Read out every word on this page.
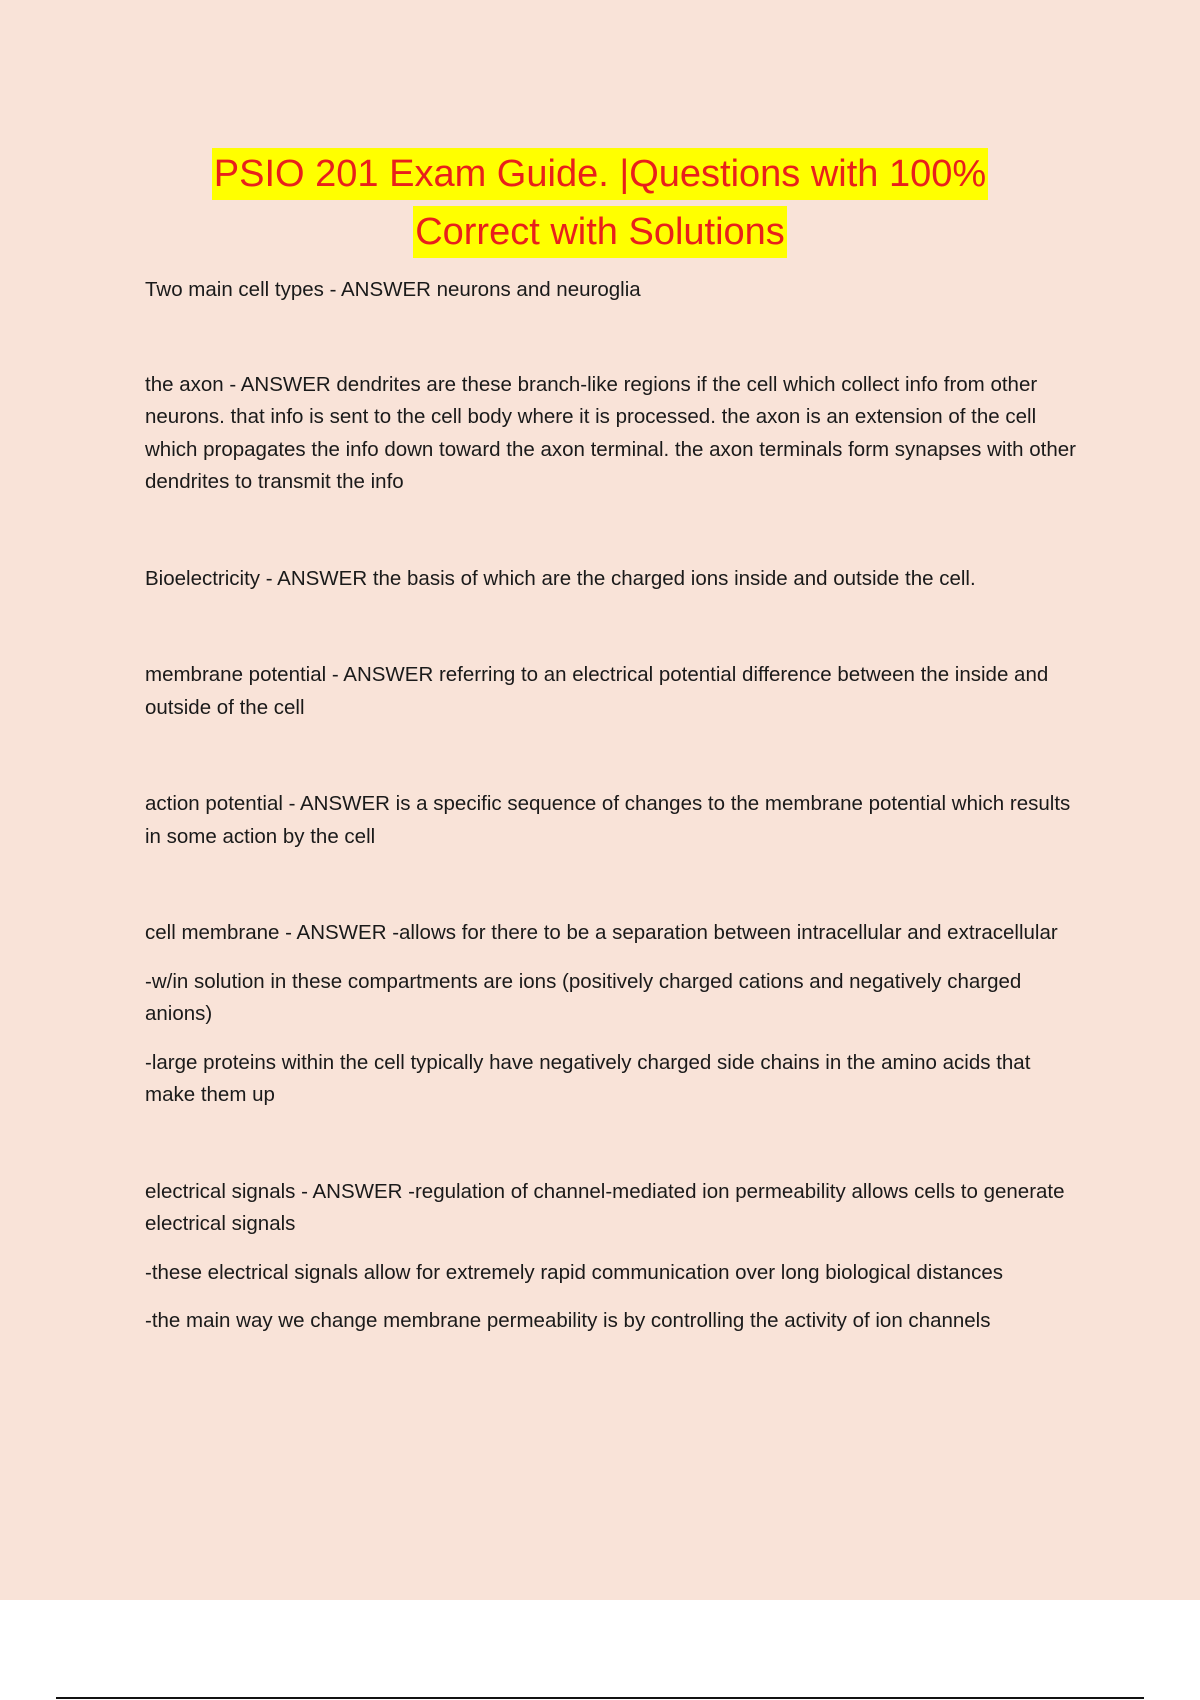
PSIO 201 Exam Guide. |Questions with 100%
Correct with Solutions

Two main cell types - ANSWER neurons and neuroglia

the axon - ANSWER dendrites are these branch-like regions if the cell which collect info from other neurons. that info is sent to the cell body where it is processed. the axon is an extension of the cell which propagates the info down toward the axon terminal. the axon terminals form synapses with other dendrites to transmit the info

Bioelectricity - ANSWER the basis of which are the charged ions inside and outside the cell.

membrane potential - ANSWER referring to an electrical potential difference between the inside and outside of the cell

action potential - ANSWER is a specific sequence of changes to the membrane potential which results in some action by the cell

cell membrane - ANSWER -allows for there to be a separation between intracellular and extracellular

-w/in solution in these compartments are ions (positively charged cations and negatively charged anions)

-large proteins within the cell typically have negatively charged side chains in the amino acids that make them up

electrical signals - ANSWER -regulation of channel-mediated ion permeability allows cells to generate electrical signals

-these electrical signals allow for extremely rapid communication over long biological distances

-the main way we change membrane permeability is by controlling the activity of ion channels
